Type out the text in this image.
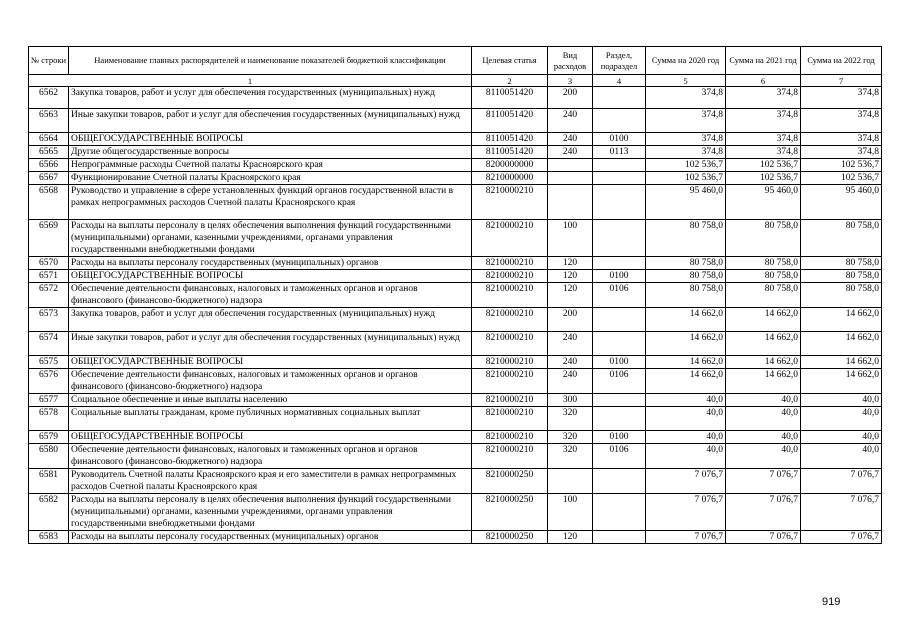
№ строки	Наименование главных распорядителей и наименование показателей бюджетной классификации	Целевая статья	Вид расходов	Раздел, подраздел	Сумма на 2020 год	Сумма на 2021 год	Сумма на 2022 год
1		2	3	4	5	6	7
6562	Закупка товаров, работ и услуг для обеспечения государственных (муниципальных) нужд	8110051420	200		374,8	374,8	374,8
6563	Иные закупки товаров, работ и услуг для обеспечения государственных (муниципальных) нужд	8110051420	240		374,8	374,8	374,8
6564	ОБЩЕГОСУДАРСТВЕННЫЕ ВОПРОСЫ	8110051420	240	0100	374,8	374,8	374,8
6565	Другие общегосударственные вопросы	8110051420	240	0113	374,8	374,8	374,8
6566	Непрограммные расходы Счетной палаты Красноярского края	8200000000			102 536,7	102 536,7	102 536,7
6567	Функционирование Счетной палаты Красноярского края	8210000000			102 536,7	102 536,7	102 536,7
6568	Руководство и управление в сфере установленных функций органов государственной власти в рамках непрограммных расходов Счетной палаты Красноярского края	8210000210			95 460,0	95 460,0	95 460,0
6569	Расходы на выплаты персоналу в целях обеспечения выполнения функций государственными (муниципальными) органами, казенными учреждениями, органами управления государственными внебюджетными фондами	8210000210	100		80 758,0	80 758,0	80 758,0
6570	Расходы на выплаты персоналу государственных (муниципальных) органов	8210000210	120		80 758,0	80 758,0	80 758,0
6571	ОБЩЕГОСУДАРСТВЕННЫЕ ВОПРОСЫ	8210000210	120	0100	80 758,0	80 758,0	80 758,0
6572	Обеспечение деятельности финансовых, налоговых и таможенных органов и органов финансового (финансово-бюджетного) надзора	8210000210	120	0106	80 758,0	80 758,0	80 758,0
6573	Закупка товаров, работ и услуг для обеспечения государственных (муниципальных) нужд	8210000210	200		14 662,0	14 662,0	14 662,0
6574	Иные закупки товаров, работ и услуг для обеспечения государственных (муниципальных) нужд	8210000210	240		14 662,0	14 662,0	14 662,0
6575	ОБЩЕГОСУДАРСТВЕННЫЕ ВОПРОСЫ	8210000210	240	0100	14 662,0	14 662,0	14 662,0
6576	Обеспечение деятельности финансовых, налоговых и таможенных органов и органов финансового (финансово-бюджетного) надзора	8210000210	240	0106	14 662,0	14 662,0	14 662,0
6577	Социальное обеспечение и иные выплаты населению	8210000210	300		40,0	40,0	40,0
6578	Социальные выплаты гражданам, кроме публичных нормативных социальных выплат	8210000210	320		40,0	40,0	40,0
6579	ОБЩЕГОСУДАРСТВЕННЫЕ ВОПРОСЫ	8210000210	320	0100	40,0	40,0	40,0
6580	Обеспечение деятельности финансовых, налоговых и таможенных органов и органов финансового (финансово-бюджетного) надзора	8210000210	320	0106	40,0	40,0	40,0
6581	Руководитель Счетной палаты Красноярского края и его заместители в рамках непрограммных расходов Счетной палаты Красноярского края	8210000250			7 076,7	7 076,7	7 076,7
6582	Расходы на выплаты персоналу в целях обеспечения выполнения функций государственными (муниципальными) органами, казенными учреждениями, органами управления государственными внебюджетными фондами	8210000250	100		7 076,7	7 076,7	7 076,7
6583	Расходы на выплаты персоналу государственных (муниципальных) органов	8210000250	120		7 076,7	7 076,7	7 076,7
919
